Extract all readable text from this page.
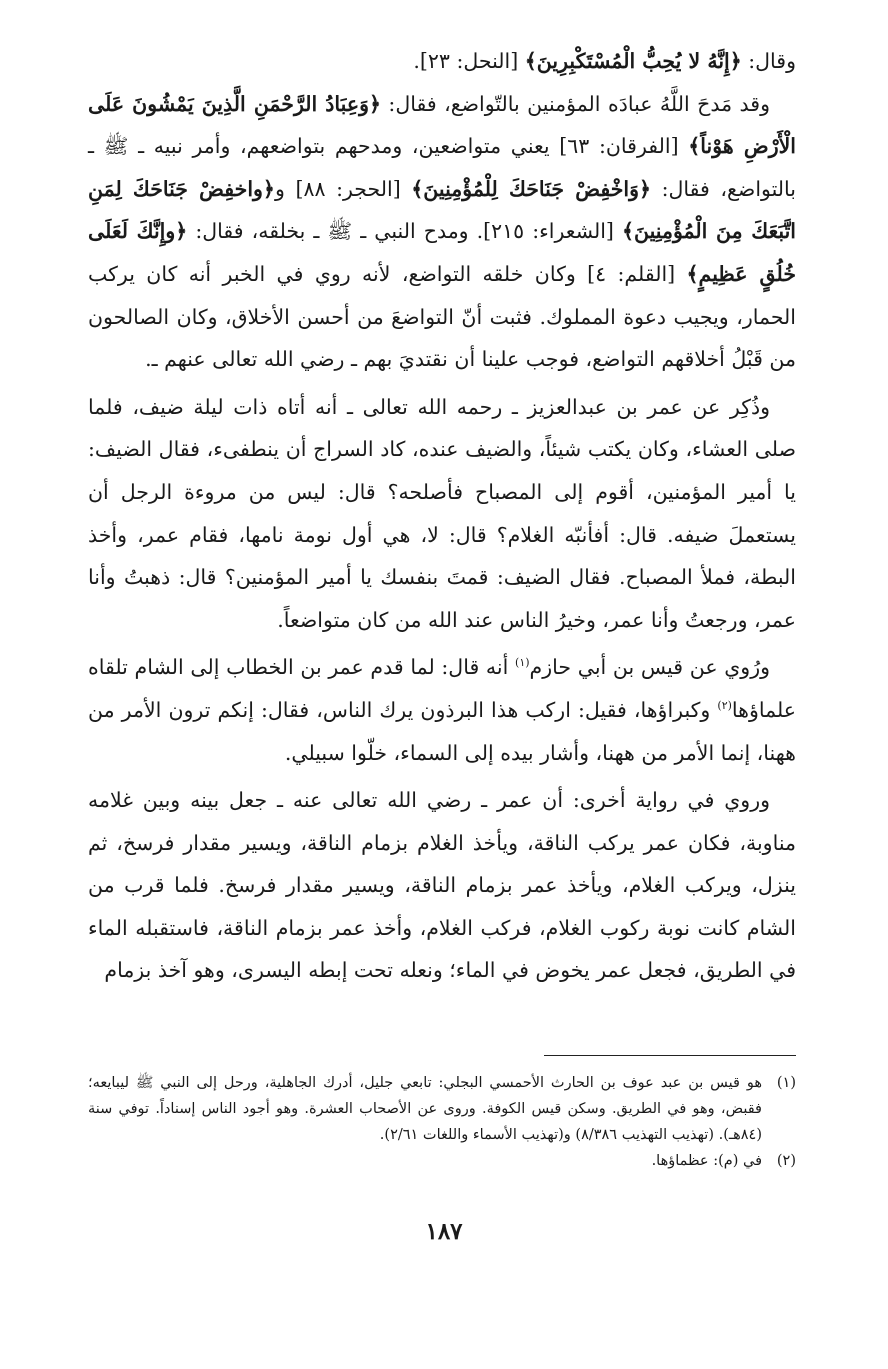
وقال: ﴿إِنَّهُ لا يُحِبُّ الْمُسْتَكْبِرِينَ﴾ [النحل: ٢٣].

وقد مَدحَ اللَّهُ عبادَه المؤمنين بالتّواضع، فقال: ﴿وَعِبَادُ الرَّحْمَنِ الَّذِينَ يَمْشُونَ عَلَى الْأَرْضِ هَوْناً﴾ [الفرقان: ٦٣] يعني متواضعين، ومدحهم بتواضعهم، وأمر نبيه ـ ﷺ ـ بالتواضع، فقال: ﴿وَاخْفِضْ جَنَاحَكَ لِلْمُؤْمِنِينَ﴾ [الحجر: ٨٨] و﴿واخفِضْ جَنَاحَكَ لِمَنِ اتَّبَعَكَ مِنَ الْمُؤْمِنِينَ﴾ [الشعراء: ٢١٥]. ومدح النبي ـ ﷺ ـ بخلقه، فقال: ﴿وإِنَّكَ لَعَلَى خُلُقٍ عَظِيمٍ﴾ [القلم: ٤] وكان خلقه التواضع، لأنه روي في الخبر أنه كان يركب الحمار، ويجيب دعوة المملوك. فثبت أنّ التواضعَ من أحسن الأخلاق، وكان الصالحون من قَبْلُ أخلاقهم التواضع، فوجب علينا أن نقتديَ بهم ـ رضي الله تعالى عنهم ـ.

وذُكِر عن عمر بن عبدالعزيز ـ رحمه الله تعالى ـ أنه أتاه ذات ليلة ضيف، فلما صلى العشاء، وكان يكتب شيئاً، والضيف عنده، كاد السراج أن ينطفىء، فقال الضيف: يا أمير المؤمنين، أقوم إلى المصباح فأصلحه؟ قال: ليس من مروءة الرجل أن يستعملَ ضيفه. قال: أفأنبّه الغلام؟ قال: لا، هي أول نومة نامها، فقام عمر، وأخذ البطة، فملأ المصباح. فقال الضيف: قمتَ بنفسك يا أمير المؤمنين؟ قال: ذهبتُ وأنا عمر، ورجعتُ وأنا عمر، وخيرُ الناس عند الله من كان متواضعاً.

ورُوي عن قيس بن أبي حازم$^{(١)}$ أنه قال: لما قدم عمر بن الخطاب إلى الشام تلقاه علماؤها$^{(٢)}$ وكبراؤها، فقيل: اركب هذا البرذون يرك الناس، فقال: إنكم ترون الأمر من ههنا، إنما الأمر من ههنا، وأشار بيده إلى السماء، خلّوا سبيلي.

وروي في رواية أخرى: أن عمر ـ رضي الله تعالى عنه ـ جعل بينه وبين غلامه مناوبة، فكان عمر يركب الناقة، ويأخذ الغلام بزمام الناقة، ويسير مقدار فرسخ، ثم ينزل، ويركب الغلام، ويأخذ عمر بزمام الناقة، ويسير مقدار فرسخ. فلما قرب من الشام كانت نوبة ركوب الغلام، فركب الغلام، وأخذ عمر بزمام الناقة، فاستقبله الماء في الطريق، فجعل عمر يخوض في الماء؛ ونعله تحت إبطه اليسرى، وهو آخذ بزمام

(١)
هو قيس بن عبد عوف بن الحارث الأحمسي البجلي: تابعي جليل، أدرك الجاهلية، ورحل إلى النبي ﷺ ليبايعه؛ فقبض، وهو في الطريق. وسكن قيس الكوفة. وروى عن الأصحاب العشرة. وهو أجود الناس إسناداً. توفي سنة (٨٤هـ). (تهذيب التهذيب ٨/٣٨٦) و(تهذيب الأسماء واللغات ٢/٦١).

(٢)
في (م): عظماؤها.

١٨٧
